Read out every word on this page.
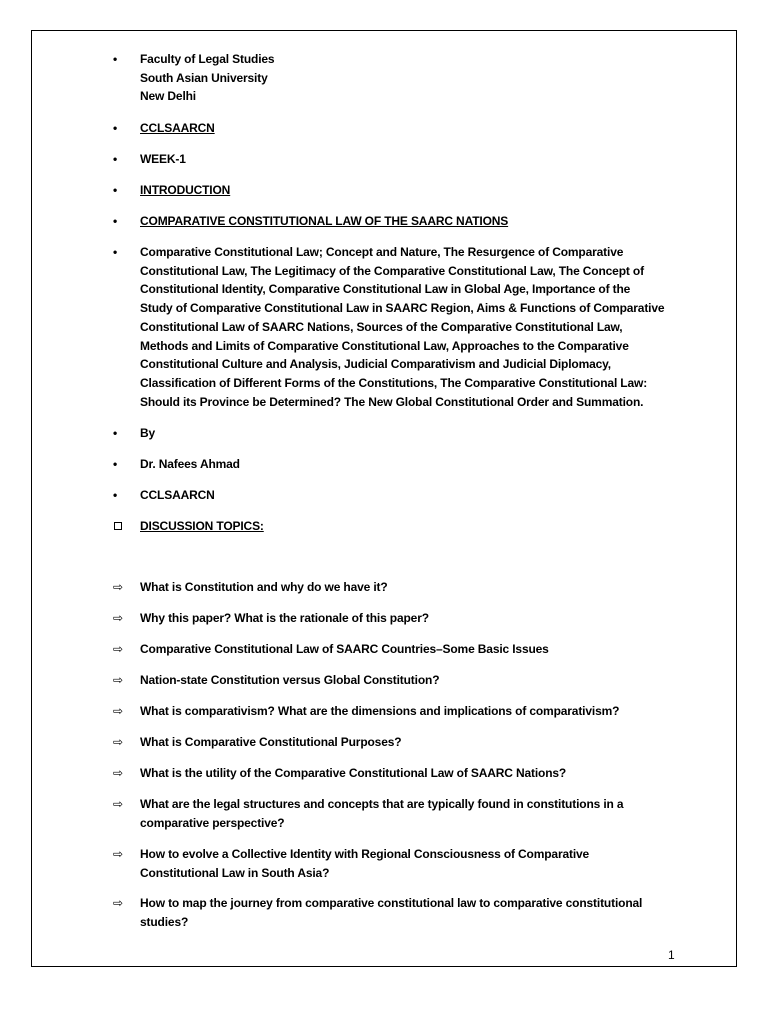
•	Faculty of Legal Studies
South Asian University
New Delhi
•	CCLSAARCN
•	WEEK-1
•	INTRODUCTION
•	COMPARATIVE CONSTITUTIONAL LAW OF THE SAARC NATIONS
•	Comparative Constitutional Law; Concept and Nature, The Resurgence of Comparative
Constitutional Law, The Legitimacy of the Comparative Constitutional Law, The Concept of
Constitutional Identity, Comparative Constitutional Law in Global Age, Importance of the
Study of Comparative Constitutional Law in SAARC Region, Aims & Functions of Comparative
Constitutional Law of SAARC Nations, Sources of the Comparative Constitutional Law,
Methods and Limits of Comparative Constitutional Law, Approaches to the Comparative
Constitutional Culture and Analysis, Judicial Comparativism and Judicial Diplomacy,
Classification of Different Forms of the Constitutions, The Comparative Constitutional Law:
Should its Province be Determined? The New Global Constitutional Order and Summation.
•	By
•	Dr. Nafees Ahmad
•	CCLSAARCN
DISCUSSION TOPICS:
⇨	What is Constitution and why do we have it?
⇨	Why this paper? What is the rationale of this paper?
⇨	Comparative Constitutional Law of SAARC Countries–Some Basic Issues
⇨	Nation-state Constitution versus Global Constitution?
⇨	What is comparativism? What are the dimensions and implications of comparativism?
⇨	What is Comparative Constitutional Purposes?
⇨	What is the utility of the Comparative Constitutional Law of SAARC Nations?
⇨	What are the legal structures and concepts that are typically found in constitutions in a
comparative perspective?
⇨	How to evolve a Collective Identity with Regional Consciousness of Comparative
Constitutional Law in South Asia?
⇨	How to map the journey from comparative constitutional law to comparative constitutional
studies?
1
